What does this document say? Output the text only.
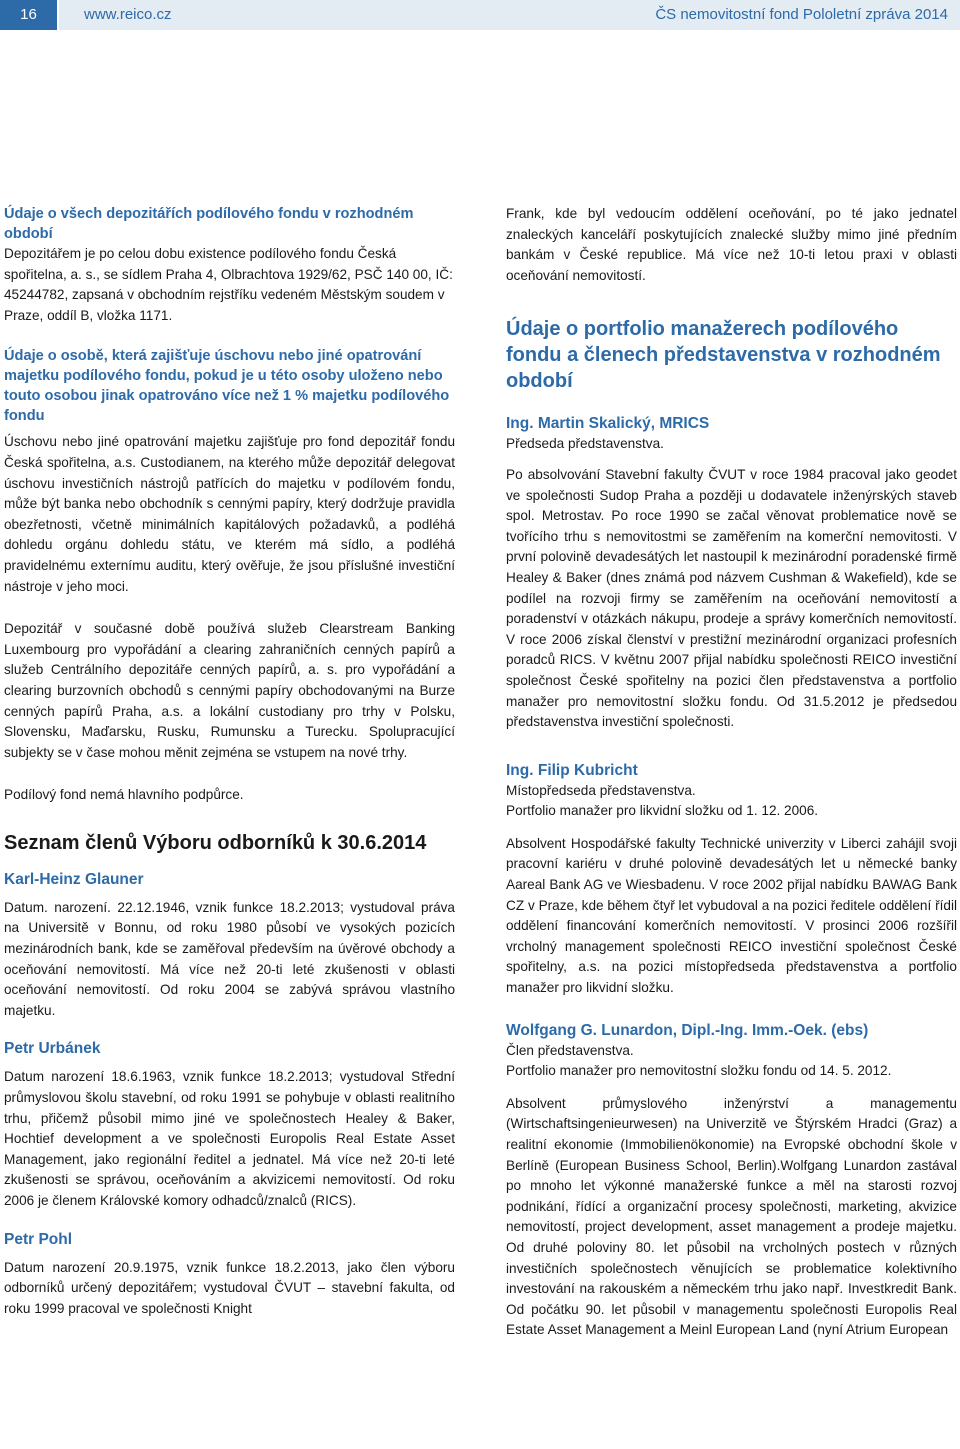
16	www.reico.cz	ČS nemovitostní fond Pololetní zpráva 2014
Údaje o všech depozitářích podílového fondu v rozhodném období

Depozitářem je po celou dobu existence podílového fondu Česká spořitelna, a. s., se sídlem Praha 4, Olbrachtova 1929/62, PSČ 140 00, IČ: 45244782, zapsaná v obchodním rejstříku vedeném Městským soudem v Praze, oddíl B, vložka 1171.

Údaje o osobě, která zajišťuje úschovu nebo jiné opatrování majetku podílového fondu, pokud je u této osoby uloženo nebo touto osobou jinak opatrováno více než 1 % majetku podílového fondu

Úschovu nebo jiné opatrování majetku zajišťuje pro fond depozitář fondu Česká spořitelna, a.s. Custodianem, na kterého může depozitář delegovat úschovu investičních nástrojů patřících do majetku v podílovém fondu, může být banka nebo obchodník s cennými papíry, který dodržuje pravidla obezřetnosti, včetně minimálních kapitálových požadavků, a podléhá dohledu orgánu dohledu státu, ve kterém má sídlo, a podléhá pravidelnému externímu auditu, který ověřuje, že jsou příslušné investiční nástroje v jeho moci.

Depozitář v současné době používá služeb Clearstream Banking Luxembourg pro vypořádání a clearing zahraničních cenných papírů a služeb Centrálního depozitáře cenných papírů, a. s. pro vypořádání a clearing burzovních obchodů s cennými papíry obchodovanými na Burze cenných papírů Praha, a.s. a lokální custodiany pro trhy v Polsku, Slovensku, Maďarsku, Rusku, Rumunsku a Turecku. Spolupracující subjekty se v čase mohou měnit zejména se vstupem na nové trhy.

Podílový fond nemá hlavního podpůrce.

Seznam členů Výboru odborníků k 30.6.2014
Karl-Heinz Glauner

Datum. narození. 22.12.1946, vznik funkce 18.2.2013; vystudoval práva na Universitě v Bonnu, od roku 1980 působí ve vysokých pozicích mezinárodních bank, kde se zaměřoval především na úvěrové obchody a oceňování nemovitostí. Má více než 20-ti leté zkušenosti v oblasti oceňování nemovitostí. Od roku 2004 se zabývá správou vlastního majetku.

Petr Urbánek

Datum narození 18.6.1963, vznik funkce 18.2.2013; vystudoval Střední průmyslovou školu stavební, od roku 1991 se pohybuje v oblasti realitního trhu, přičemž působil mimo jiné ve společnostech Healey & Baker, Hochtief development a ve společnosti Europolis Real Estate Asset Management, jako regionální ředitel a jednatel. Má více než 20-ti leté zkušenosti se správou, oceňováním a akvizicemi nemovitostí. Od roku 2006 je členem Královské komory odhadců/znalců (RICS).

Petr Pohl

Datum narození 20.9.1975, vznik funkce 18.2.2013, jako člen výboru odborníků určený depozitářem; vystudoval ČVUT – stavební fakulta, od roku 1999 pracoval ve společnosti Knight

Frank, kde byl vedoucím oddělení oceňování, po té jako jednatel znaleckých kanceláří poskytujících znalecké služby mimo jiné předním bankám v České republice. Má více než 10-ti letou praxi v oblasti oceňování nemovitostí.

Údaje o portfolio manažerech podílového fondu a členech představenstva v rozhodném období
Ing. Martin Skalický, MRICS

Předseda představenstva.

Po absolvování Stavební fakulty ČVUT v roce 1984 pracoval jako geodet ve společnosti Sudop Praha a později u dodavatele inženýrských staveb spol. Metrostav. Po roce 1990 se začal věnovat problematice nově se tvořícího trhu s nemovitostmi se zaměřením na komerční nemovitosti. V první polovině devadesátých let nastoupil k mezinárodní poradenské firmě Healey & Baker (dnes známá pod názvem Cushman & Wakefield), kde se podílel na rozvoji firmy se zaměřením na oceňování nemovitostí a poradenství v otázkách nákupu, prodeje a správy komerčních nemovitostí. V roce 2006 získal členství v prestižní mezinárodní organizaci profesních poradců RICS. V květnu 2007 přijal nabídku společnosti REICO investiční společnost České spořitelny na pozici člen představenstva a portfolio manažer pro nemovitostní složku fondu. Od 31.5.2012 je předsedou představenstva investiční společnosti.

Ing. Filip Kubricht

Místopředseda představenstva.

Portfolio manažer pro likvidní složku od 1. 12. 2006.

Absolvent Hospodářské fakulty Technické univerzity v Liberci zahájil svoji pracovní kariéru v druhé polovině devadesátých let u německé banky Aareal Bank AG ve Wiesbadenu. V roce 2002 přijal nabídku BAWAG Bank CZ v Praze, kde během čtyř let vybudoval a na pozici ředitele oddělení řídil oddělení financování komerčních nemovitostí. V prosinci 2006 rozšířil vrcholný management společnosti REICO investiční společnost České spořitelny, a.s. na pozici místopředseda představenstva a portfolio manažer pro likvidní složku.

Wolfgang G. Lunardon, Dipl.-Ing. Imm.-Oek. (ebs)

Člen představenstva.

Portfolio manažer pro nemovitostní složku fondu od 14. 5. 2012.

Absolvent průmyslového inženýrství a managementu (Wirtschaftsingenieurwesen) na Univerzitě ve Štýrském Hradci (Graz) a realitní ekonomie (Immobilienökonomie) na Evropské obchodní škole v Berlíně (European Business School, Berlin).Wolfgang Lunardon zastával po mnoho let výkonné manažerské funkce a měl na starosti rozvoj podnikání, řídící a organizační procesy společnosti, marketing, akvizice nemovitostí, project development, asset management a prodeje majetku. Od druhé poloviny 80. let působil na vrcholných postech v různých investičních společnostech věnujících se problematice kolektivního investování na rakouském a německém trhu jako např. Investkredit Bank. Od počátku 90. let působil v managementu společnosti Europolis Real Estate Asset Management a Meinl European Land (nyní Atrium European
